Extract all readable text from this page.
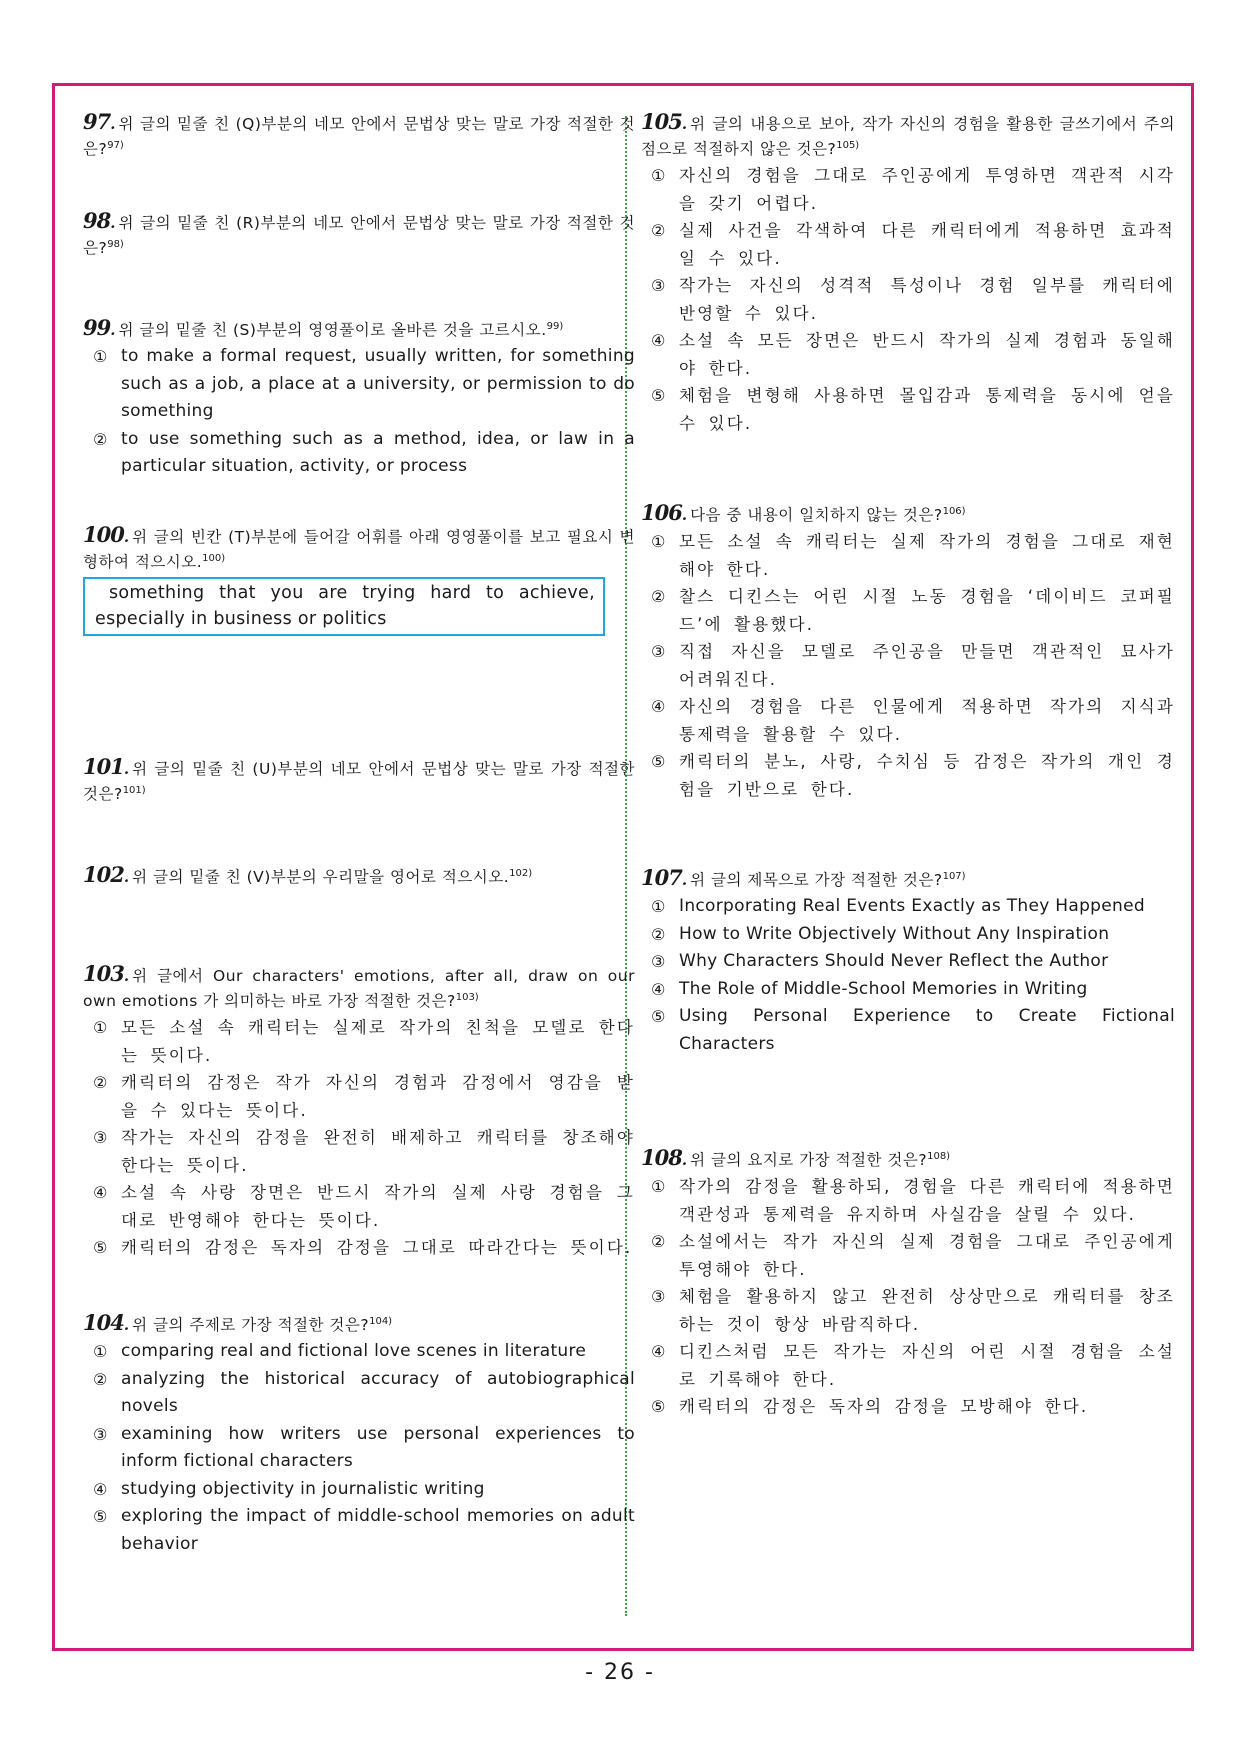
97. 위 글의 밑줄 친 (Q)부분의 네모 안에서 문법상 맞는 말로 가장 적절한 것은?$^{97)}$
98. 위 글의 밑줄 친 (R)부분의 네모 안에서 문법상 맞는 말로 가장 적절한 것은?$^{98)}$
99. 위 글의 밑줄 친 (S)부분의 영영풀이로 올바른 것을 고르시오.$^{99)}$
① to make a formal request, usually written, for something such as a job, a place at a university, or permission to do something
② to use something such as a method, idea, or law in a particular situation, activity, or process
100. 위 글의 빈칸 (T)부분에 들어갈 어휘를 아래 영영풀이를 보고 필요시 변형하여 적으시오.$^{100)}$
something that you are trying hard to achieve, especially in business or politics
101. 위 글의 밑줄 친 (U)부분의 네모 안에서 문법상 맞는 말로 가장 적절한 것은?$^{101)}$
102. 위 글의 밑줄 친 (V)부분의 우리말을 영어로 적으시오.$^{102)}$
103. 위 글에서 Our characters' emotions, after all, draw on our own emotions 가 의미하는 바로 가장 적절한 것은?$^{103)}$
① 모든 소설 속 캐릭터는 실제로 작가의 친척을 모델로 한다는 뜻이다.
② 캐릭터의 감정은 작가 자신의 경험과 감정에서 영감을 받을 수 있다는 뜻이다.
③ 작가는 자신의 감정을 완전히 배제하고 캐릭터를 창조해야 한다는 뜻이다.
④ 소설 속 사랑 장면은 반드시 작가의 실제 사랑 경험을 그대로 반영해야 한다는 뜻이다.
⑤ 캐릭터의 감정은 독자의 감정을 그대로 따라간다는 뜻이다.
104. 위 글의 주제로 가장 적절한 것은?$^{104)}$
① comparing real and fictional love scenes in literature
② analyzing the historical accuracy of autobiographical novels
③ examining how writers use personal experiences to inform fictional characters
④ studying objectivity in journalistic writing
⑤ exploring the impact of middle-school memories on adult behavior
105. 위 글의 내용으로 보아, 작가 자신의 경험을 활용한 글쓰기에서 주의점으로 적절하지 않은 것은?$^{105)}$
① 자신의 경험을 그대로 주인공에게 투영하면 객관적 시각을 갖기 어렵다.
② 실제 사건을 각색하여 다른 캐릭터에게 적용하면 효과적일 수 있다.
③ 작가는 자신의 성격적 특성이나 경험 일부를 캐릭터에 반영할 수 있다.
④ 소설 속 모든 장면은 반드시 작가의 실제 경험과 동일해야 한다.
⑤ 체험을 변형해 사용하면 몰입감과 통제력을 동시에 얻을 수 있다.
106. 다음 중 내용이 일치하지 않는 것은?$^{106)}$
① 모든 소설 속 캐릭터는 실제 작가의 경험을 그대로 재현해야 한다.
② 찰스 디킨스는 어린 시절 노동 경험을 ‘데이비드 코퍼필드’에 활용했다.
③ 직접 자신을 모델로 주인공을 만들면 객관적인 묘사가 어려워진다.
④ 자신의 경험을 다른 인물에게 적용하면 작가의 지식과 통제력을 활용할 수 있다.
⑤ 캐릭터의 분노, 사랑, 수치심 등 감정은 작가의 개인 경험을 기반으로 한다.
107. 위 글의 제목으로 가장 적절한 것은?$^{107)}$
① Incorporating Real Events Exactly as They Happened
② How to Write Objectively Without Any Inspiration
③ Why Characters Should Never Reflect the Author
④ The Role of Middle-School Memories in Writing
⑤ Using Personal Experience to Create Fictional Characters
108. 위 글의 요지로 가장 적절한 것은?$^{108)}$
① 작가의 감정을 활용하되, 경험을 다른 캐릭터에 적용하면 객관성과 통제력을 유지하며 사실감을 살릴 수 있다.
② 소설에서는 작가 자신의 실제 경험을 그대로 주인공에게 투영해야 한다.
③ 체험을 활용하지 않고 완전히 상상만으로 캐릭터를 창조하는 것이 항상 바람직하다.
④ 디킨스처럼 모든 작가는 자신의 어린 시절 경험을 소설로 기록해야 한다.
⑤ 캐릭터의 감정은 독자의 감정을 모방해야 한다.
- 26 -
